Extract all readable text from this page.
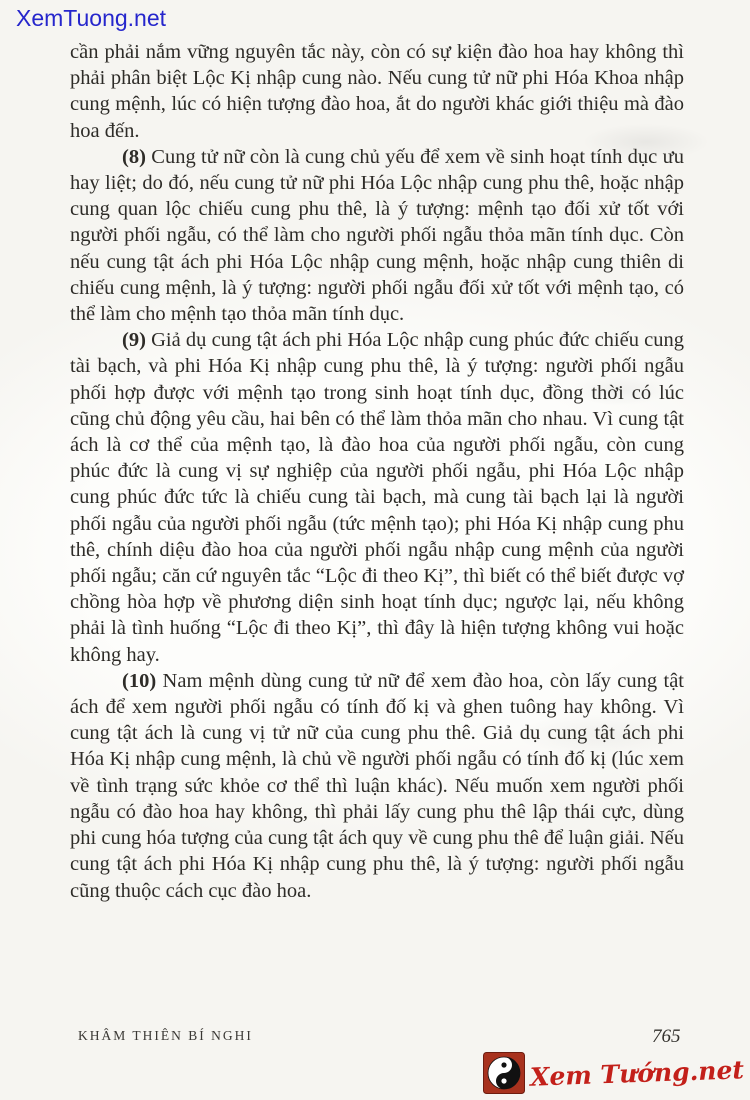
XemTuong.net

cần phải nắm vững nguyên tắc này, còn có sự kiện đào hoa hay không thì phải phân biệt Lộc Kị nhập cung nào. Nếu cung tử nữ phi Hóa Khoa nhập cung mệnh, lúc có hiện tượng đào hoa, ắt do người khác giới thiệu mà đào hoa đến.

(8) Cung tử nữ còn là cung chủ yếu để xem về sinh hoạt tính dục ưu hay liệt; do đó, nếu cung tử nữ phi Hóa Lộc nhập cung phu thê, hoặc nhập cung quan lộc chiếu cung phu thê, là ý tượng: mệnh tạo đối xử tốt với người phối ngẫu, có thể làm cho người phối ngẫu thỏa mãn tính dục. Còn nếu cung tật ách phi Hóa Lộc nhập cung mệnh, hoặc nhập cung thiên di chiếu cung mệnh, là ý tượng: người phối ngẫu đối xử tốt với mệnh tạo, có thể làm cho mệnh tạo thỏa mãn tính dục.

(9) Giả dụ cung tật ách phi Hóa Lộc nhập cung phúc đức chiếu cung tài bạch, và phi Hóa Kị nhập cung phu thê, là ý tượng: người phối ngẫu phối hợp được với mệnh tạo trong sinh hoạt tính dục, đồng thời có lúc cũng chủ động yêu cầu, hai bên có thể làm thỏa mãn cho nhau. Vì cung tật ách là cơ thể của mệnh tạo, là đào hoa của người phối ngẫu, còn cung phúc đức là cung vị sự nghiệp của người phối ngẫu, phi Hóa Lộc nhập cung phúc đức tức là chiếu cung tài bạch, mà cung tài bạch lại là người phối ngẫu của người phối ngẫu (tức mệnh tạo); phi Hóa Kị nhập cung phu thê, chính diệu đào hoa của người phối ngẫu nhập cung mệnh của người phối ngẫu; căn cứ nguyên tắc “Lộc đi theo Kị”, thì biết có thể biết được vợ chồng hòa hợp về phương diện sinh hoạt tính dục; ngược lại, nếu không phải là tình huống “Lộc đi theo Kị”, thì đây là hiện tượng không vui hoặc không hay.

(10) Nam mệnh dùng cung tử nữ để xem đào hoa, còn lấy cung tật ách để xem người phối ngẫu có tính đố kị và ghen tuông hay không. Vì cung tật ách là cung vị tử nữ của cung phu thê. Giả dụ cung tật ách phi Hóa Kị nhập cung mệnh, là chủ về người phối ngẫu có tính đố kị (lúc xem về tình trạng sức khỏe cơ thể thì luận khác). Nếu muốn xem người phối ngẫu có đào hoa hay không, thì phải lấy cung phu thê lập thái cực, dùng phi cung hóa tượng của cung tật ách quy về cung phu thê để luận giải. Nếu cung tật ách phi Hóa Kị nhập cung phu thê, là ý tượng: người phối ngẫu cũng thuộc cách cục đào hoa.

KHÂM THIÊN BÍ NGHI	765
Xem Tướng.net
